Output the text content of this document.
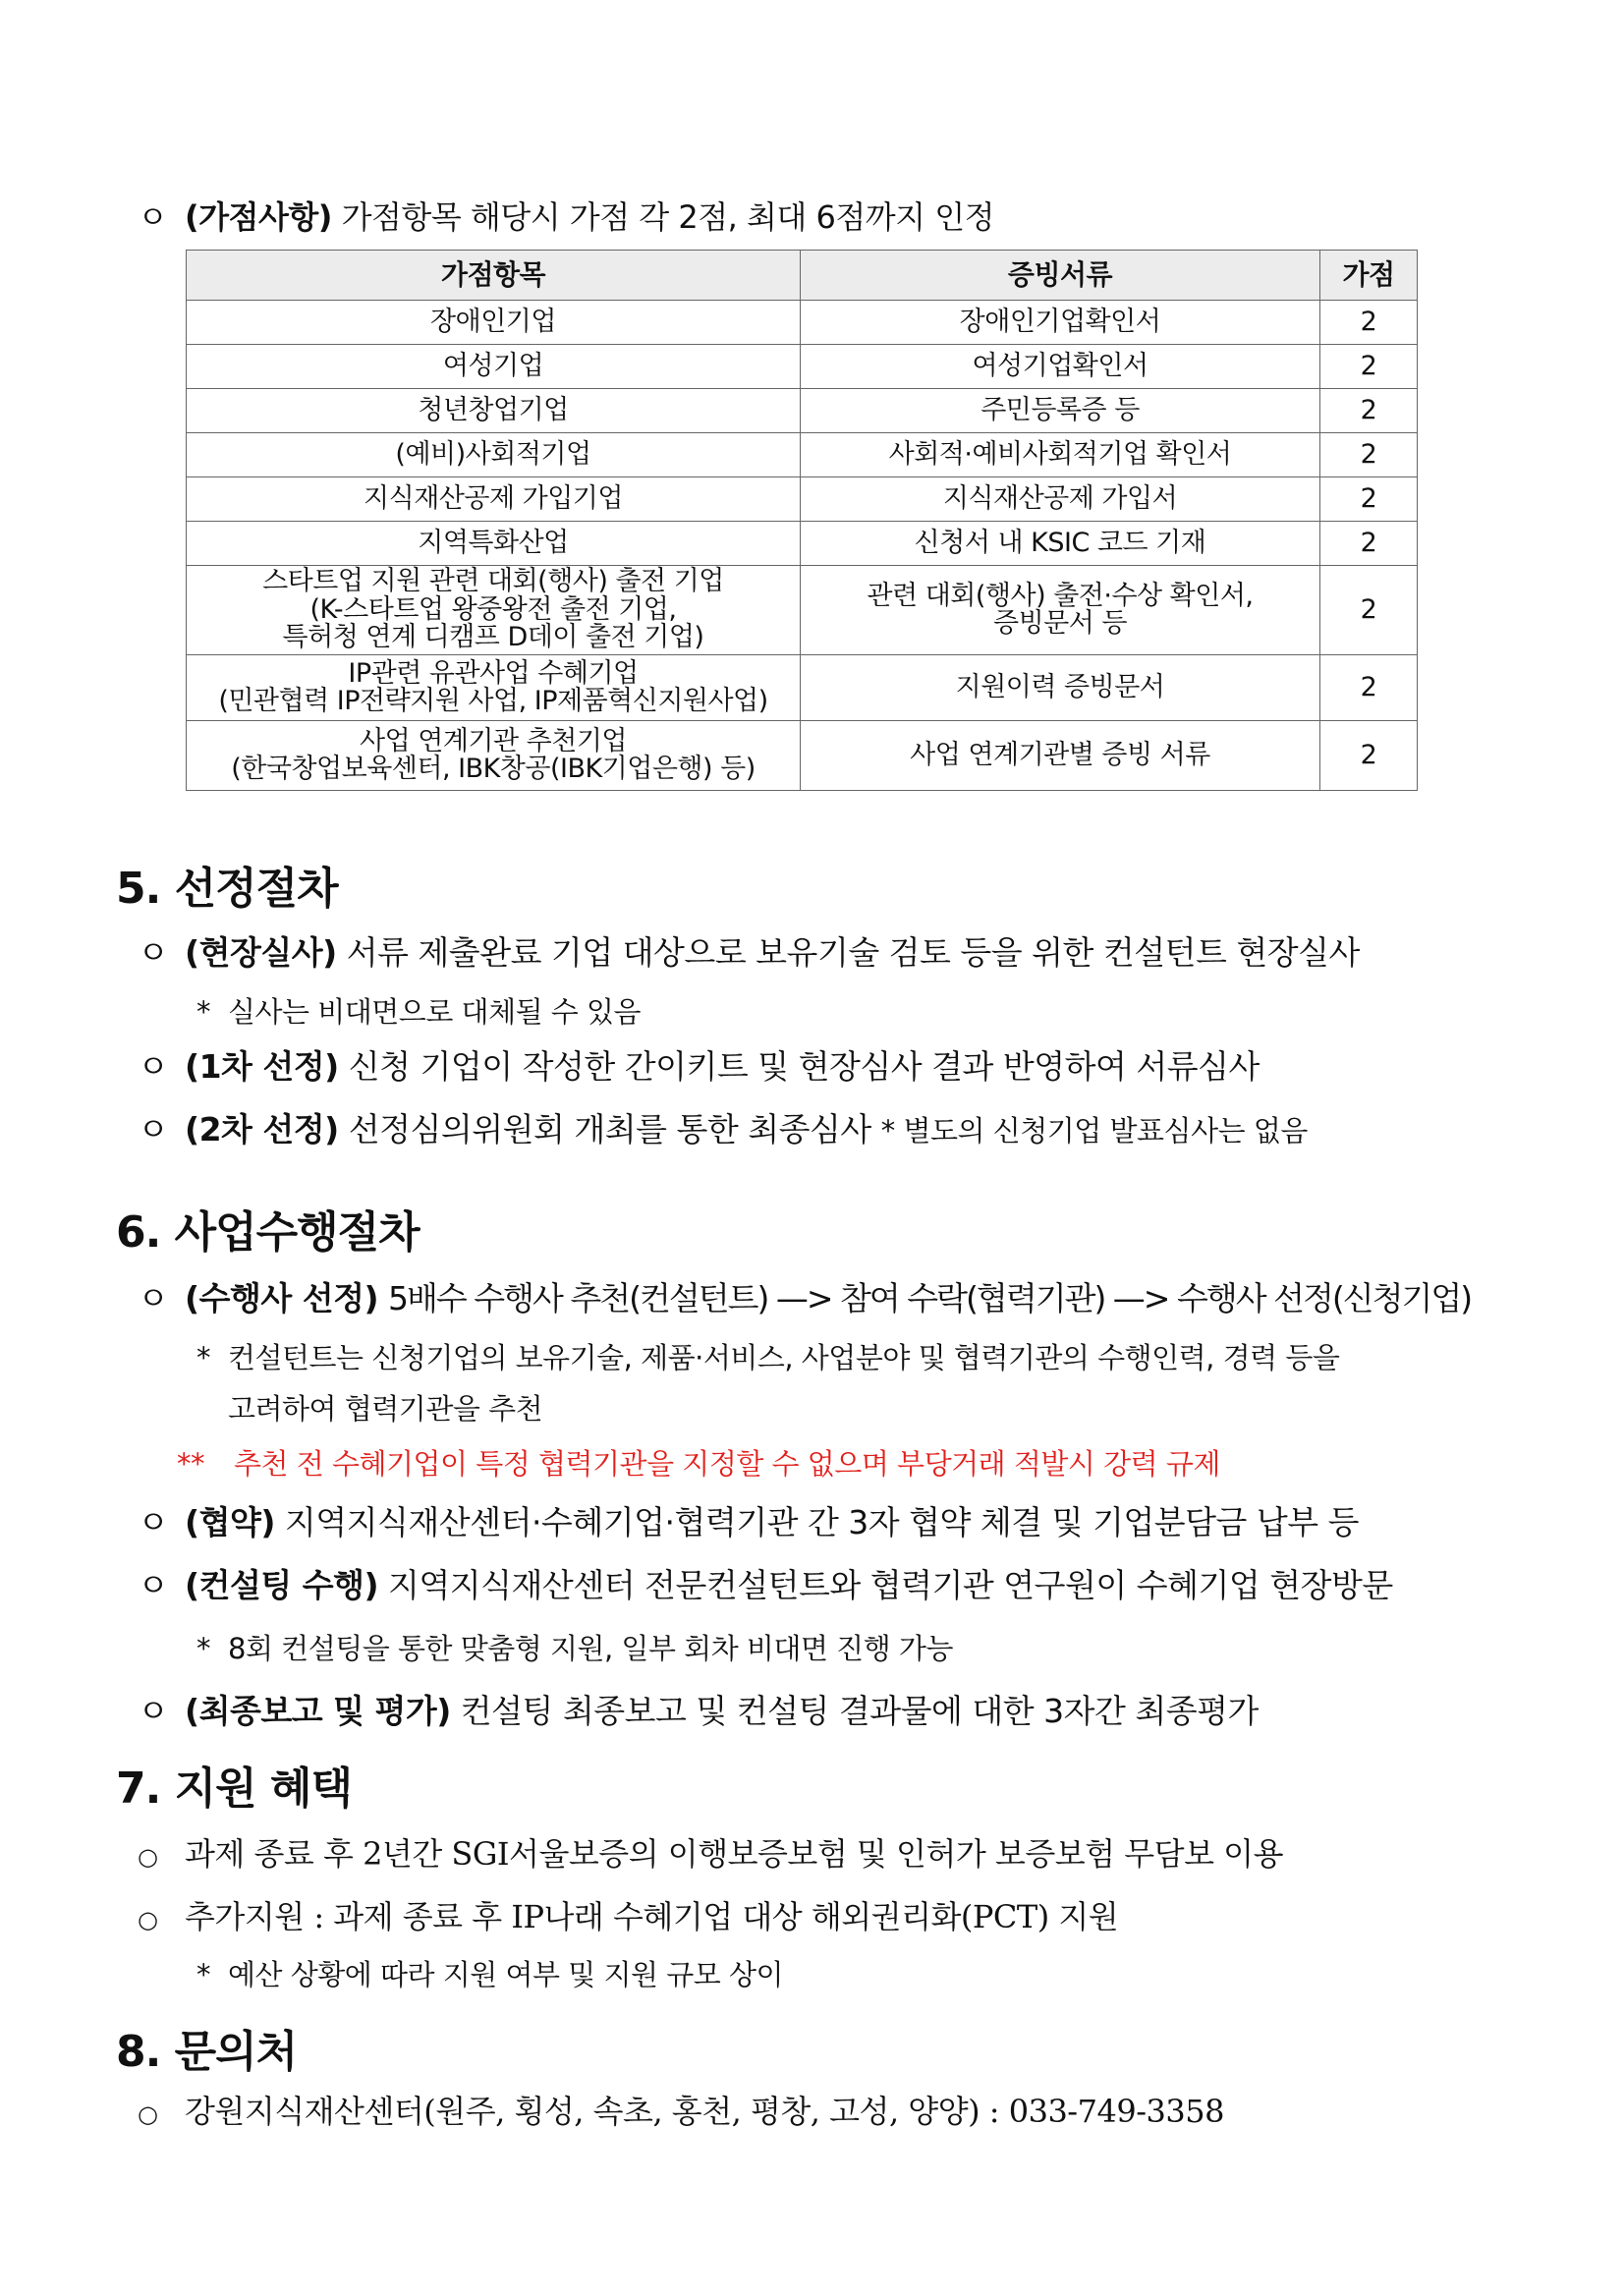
ㅇ (가점사항) 가점항목 해당시 가점 각 2점, 최대 6점까지 인정
가점항목	증빙서류	가점

장애인기업	장애인기업확인서	2

여성기업	여성기업확인서	2

청년창업기업	주민등록증 등	2

(예비)사회적기업	사회적·예비사회적기업 확인서	2

지식재산공제 가입기업	지식재산공제 가입서	2

지역특화산업	신청서 내 KSIC 코드 기재	2

스타트업 지원 관련 대회(행사) 출전 기업
(K-스타트업 왕중왕전 출전 기업,
특허청 연계 디캠프 D데이 출전 기업)	관련 대회(행사) 출전·수상 확인서,
증빙문서 등	2

IP관련 유관사업 수혜기업
(민관협력 IP전략지원 사업, IP제품혁신지원사업)	지원이력 증빙문서	2

사업 연계기관 추천기업
(한국창업보육센터, IBK창공(IBK기업은행) 등)	사업 연계기관별 증빙 서류	2
5. 선정절차
ㅇ (현장실사) 서류 제출완료 기업 대상으로 보유기술 검토 등을 위한 컨설턴트 현장실사
* 실사는 비대면으로 대체될 수 있음
ㅇ (1차 선정) 신청 기업이 작성한 간이키트 및 현장심사 결과 반영하여 서류심사
ㅇ (2차 선정) 선정심의위원회 개최를 통한 최종심사 * 별도의 신청기업 발표심사는 없음
6. 사업수행절차
ㅇ (수행사 선정) 5배수 수행사 추천(컨설턴트) —> 참여 수락(협력기관) —> 수행사 선정(신청기업)
* 컨설턴트는 신청기업의 보유기술, 제품·서비스, 사업분야 및 협력기관의 수행인력, 경력 등을
고려하여 협력기관을 추천
** 추천 전 수혜기업이 특정 협력기관을 지정할 수 없으며 부당거래 적발시 강력 규제
ㅇ (협약) 지역지식재산센터·수혜기업·협력기관 간 3자 협약 체결 및 기업분담금 납부 등
ㅇ (컨설팅 수행) 지역지식재산센터 전문컨설턴트와 협력기관 연구원이 수혜기업 현장방문
* 8회 컨설팅을 통한 맞춤형 지원, 일부 회차 비대면 진행 가능
ㅇ (최종보고 및 평가) 컨설팅 최종보고 및 컨설팅 결과물에 대한 3자간 최종평가
7. 지원 혜택
○ 과제 종료 후 2년간 SGI서울보증의 이행보증보험 및 인허가 보증보험 무담보 이용
○ 추가지원 : 과제 종료 후 IP나래 수혜기업 대상 해외권리화(PCT) 지원
* 예산 상황에 따라 지원 여부 및 지원 규모 상이
8. 문의처
○ 강원지식재산센터(원주, 횡성, 속초, 홍천, 평창, 고성, 양양) : 033-749-3358
